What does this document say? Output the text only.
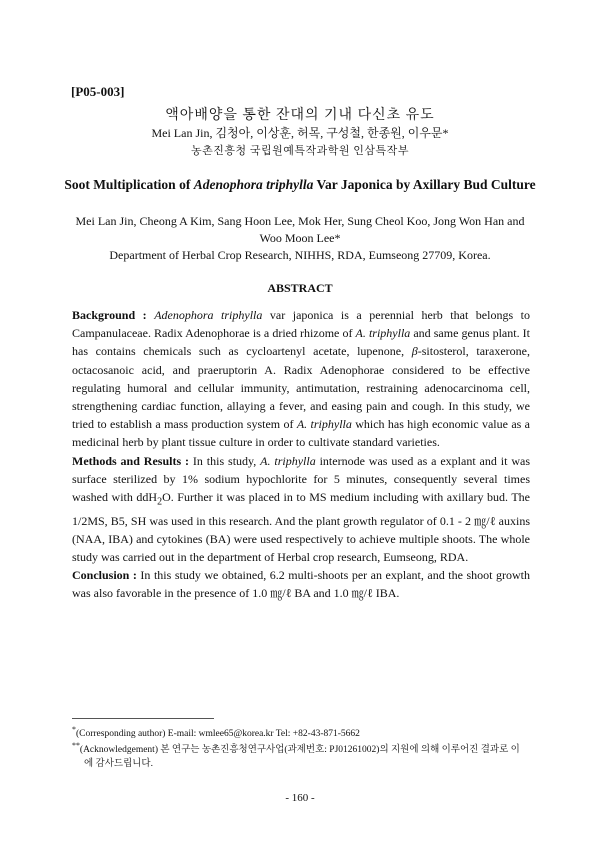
[P05-003]
액아배양을 통한 잔대의 기내 다신초 유도
Mei Lan Jin, 김청아, 이상훈, 허목, 구성철, 한종원, 이우문*
농촌진흥청 국립원예특작과학원 인삼특작부
Soot Multiplication of Adenophora triphylla Var Japonica by Axillary Bud Culture
Mei Lan Jin, Cheong A Kim, Sang Hoon Lee, Mok Her, Sung Cheol Koo, Jong Won Han and Woo Moon Lee*
Department of Herbal Crop Research, NIHHS, RDA, Eumseong 27709, Korea.
ABSTRACT

Background : Adenophora triphylla var japonica is a perennial herb that belongs to Campanulaceae. Radix Adenophorae is a dried rhizome of A. triphylla and same genus plant. It has contains chemicals such as cycloartenyl acetate, lupenone, β-sitosterol, taraxerone, octacosanoic acid, and praeruptorin A. Radix Adenophorae considered to be effective regulating humoral and cellular immunity, antimutation, restraining adenocarcinoma cell, strengthening cardiac function, allaying a fever, and easing pain and cough. In this study, we tried to establish a mass production system of A. triphylla which has high economic value as a medicinal herb by plant tissue culture in order to cultivate standard varieties.

Methods and Results : In this study, A. triphylla internode was used as a explant and it was surface sterilized by 1% sodium hypochlorite for 5 minutes, consequently several times washed with ddH$_2$O. Further it was placed in to MS medium including with axillary bud. The 1/2MS, B5, SH was used in this research. And the plant growth regulator of 0.1 - 2 ㎎/ℓ auxins (NAA, IBA) and cytokines (BA) were used respectively to achieve multiple shoots. The whole study was carried out in the department of Herbal crop research, Eumseong, RDA.

Conclusion : In this study we obtained, 6.2 multi-shoots per an explant, and the shoot growth was also favorable in the presence of 1.0 ㎎/ℓ BA and 1.0 ㎎/ℓ IBA.

*(Corresponding author) E-mail: wmlee65@korea.kr Tel: +82-43-871-5662
**(Acknowledgement) 본 연구는 농촌진흥청연구사업(과제번호: PJ01261002)의 지원에 의해 이루어진 결과로 이
에 감사드립니다.
- 160 -
